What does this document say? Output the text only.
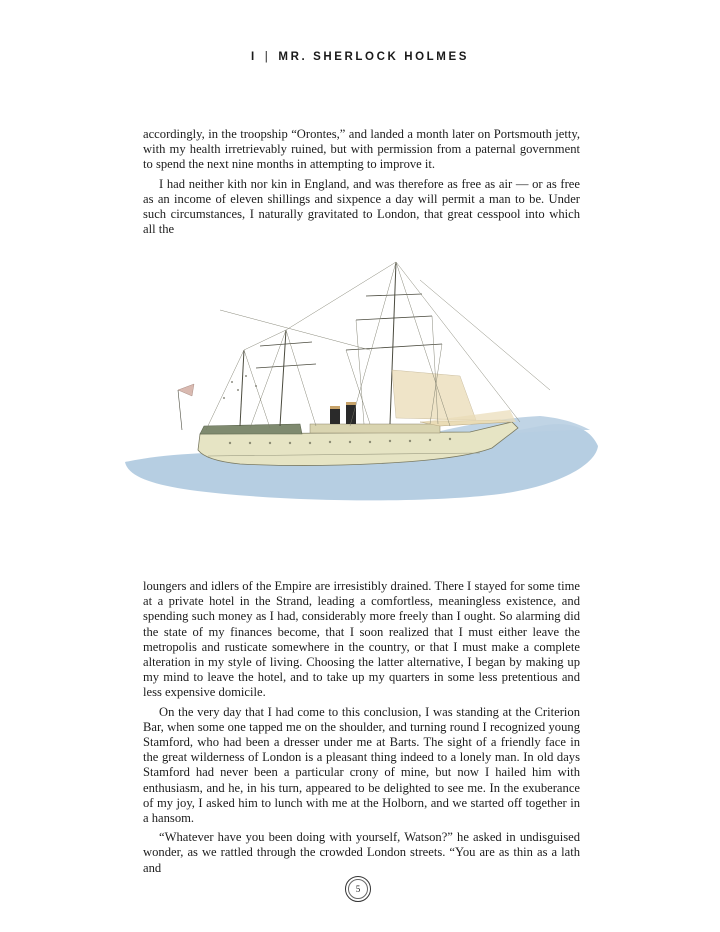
I | MR. SHERLOCK HOLMES

accordingly, in the troopship “Orontes,” and landed a month later on Portsmouth jetty, with my health irretrievably ruined, but with permission from a paternal government to spend the next nine months in attempting to improve it.

I had neither kith nor kin in England, and was therefore as free as air — or as free as an income of eleven shillings and sixpence a day will permit a man to be. Under such circumstances, I naturally gravitated to London, that great cesspool into which all the

loungers and idlers of the Empire are irresistibly drained. There I stayed for some time at a private hotel in the Strand, leading a comfortless, meaningless existence, and spending such money as I had, considerably more freely than I ought. So alarming did the state of my finances become, that I soon realized that I must either leave the metropolis and rusticate somewhere in the country, or that I must make a complete alteration in my style of living. Choosing the latter alternative, I began by making up my mind to leave the hotel, and to take up my quarters in some less pretentious and less expensive domicile.

On the very day that I had come to this conclusion, I was standing at the Criterion Bar, when some one tapped me on the shoulder, and turning round I recognized young Stamford, who had been a dresser under me at Barts. The sight of a friendly face in the great wilderness of London is a pleasant thing indeed to a lonely man. In old days Stamford had never been a particular crony of mine, but now I hailed him with enthusiasm, and he, in his turn, appeared to be delighted to see me. In the exuberance of my joy, I asked him to lunch with me at the Holborn, and we started off together in a hansom.

“Whatever have you been doing with yourself, Watson?” he asked in undisguised wonder, as we rattled through the crowded London streets. “You are as thin as a lath and

5
